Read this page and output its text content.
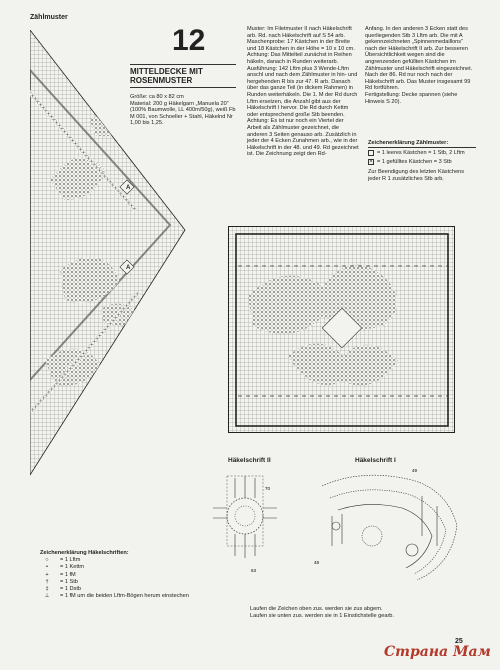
Zählmuster
12
MITTELDECKE MIT
ROSENMUSTER
Größe: ca 80 x 82 cm
Material: 200 g Häkelgarn „Manuela 20“ (100% Baumwolle, LL 400m/50g), weiß Fb M 001, von Schoeller + Stahl, Häkelnd Nr 1,00 bis 1,25.
Muster: Im Filetmuster II nach Häkelschrift arb. Rd. nach Häkelschrift auf S 54 arb.
Maschenprobe: 17 Kästchen in der Breite und 18 Kästchen in der Höhe = 10 x 10 cm.
Achtung: Das Mittelteil zunächst in Reihen häkeln, danach in Runden weiterarb.
Ausführung: 142 Lftm plus 3 Wende-Lftm anschl und nach dem Zählmuster in hin- und hergehenden R bis zur 47. R arb. Danach über das ganze Teil (in dickem Rahmen) in Runden weiterhäkeln. Die 1. M der Rd durch Lftm ersetzen, die Anzahl gibt aus der Häkelschrift I hervor. Die Rd durch Kettm oder entsprechend große Stb beenden. Achtung: Es ist nur noch ein Viertel der Arbeit als Zählmuster gezeichnet, die anderen 3 Seiten genauso arb. Zusätzlich in jeder der 4 Ecken Zunahmen arb., wie in der Häkelschrift in der 48. und 49. Rd gezeichnet ist. Die Zeichnung zeigt den Rd-
Anfang. In den anderen 3 Ecken statt des querliegenden Stb 3 Lftm arb. Die mit A gekennzeichneten „Spinnenmedaillons“ nach der Häkelschrift II arb. Zur besseren Übersichtlichkeit wegen sind die angrenzenden gefüllten Kästchen im Zählmuster und Häkelschrift eingezeichnet. Nach der 86. Rd nur noch nach der Häkelschrift arb. Das Muster insgesamt 99 Rd fortführen.
Fertigstellung: Decke spannen (siehe Hinweis S 20).
Zeichenerklärung Zählmuster:
= 1 leeres Kästchen = 1 Stb, 2 Lftm
×
= 1 gefülltes Kästchen = 3 Stb
Zur Beendigung des letzten Kästchens jeder R 1 zusätzliches Stb arb.
A
A
Häkelschrift II
70
63
Häkelschrift I
48
49
Zeichenerklärung Häkelschriften:
○	= 1 Lftm
•	= 1 Kettm
+	= 1 fM
†	= 1 Stb
‡	= 1 Dstb
⊥	= 1 fM um die beiden Lftm-Bögen herum einstechen
Laufen die Zeichen oben zus. werden sie zus abgem. Laufen sie unten zus. werden sie in 1 Einstichstelle gearb.
25
Страна Мам
